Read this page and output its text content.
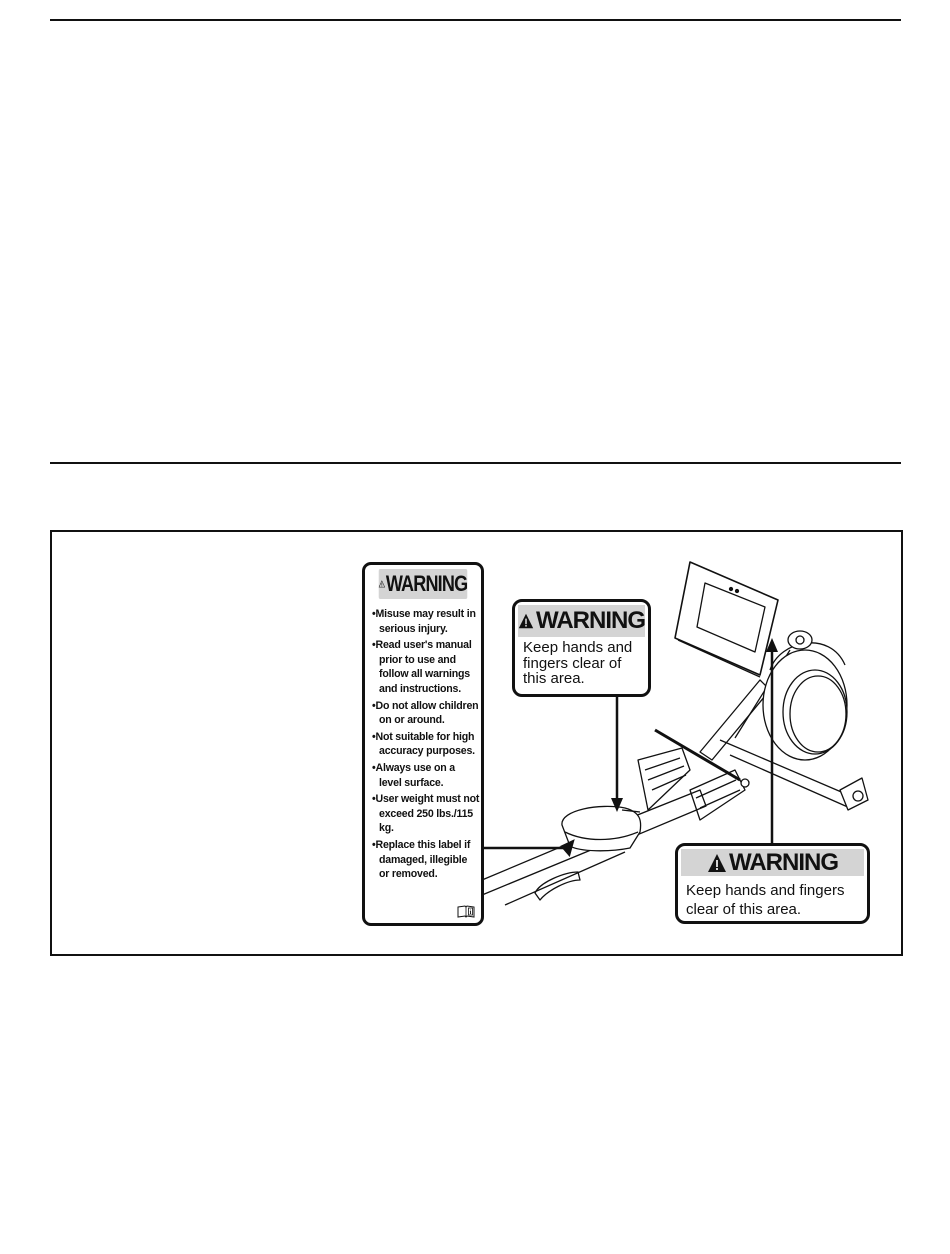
WARNING
•Misuse may result in serious injury.
•Read user's manual prior to use and follow all warnings and instructions.
•Do not allow children on or around.
•Not suitable for high accuracy purposes.
•Always use on a level surface.
•User weight must not exceed 250 lbs./115 kg.
•Replace this label if damaged, illegible or removed.
i
WARNING
Keep hands and fingers clear of this area.
WARNING
Keep hands and fingers clear of this area.
